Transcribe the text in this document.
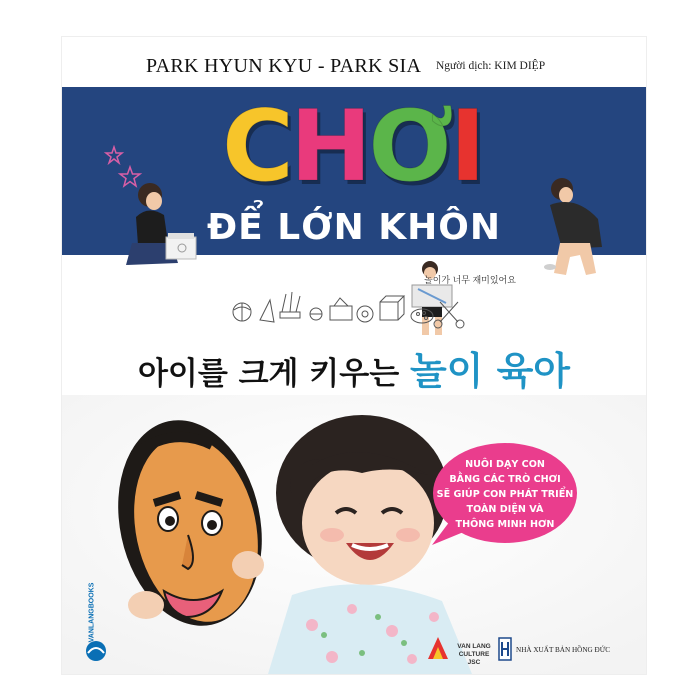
PARK HYUN KYU - PARK SIA Người dịch: KIM DIỆP
CHƠI
ĐỂ LỚN KHÔN
놀이가 너무 재미있어요
아이를 크게 키우는 놀이 육아
NUÔI DẠY CON
BẰNG CÁC TRÒ CHƠI
SẼ GIÚP CON PHÁT TRIỂN
TOÀN DIỆN VÀ
THÔNG MINH HƠN
VANLANGBOOKS
VAN LANG CULTURE JSC
NHÀ XUẤT BẢN HỒNG ĐỨC
